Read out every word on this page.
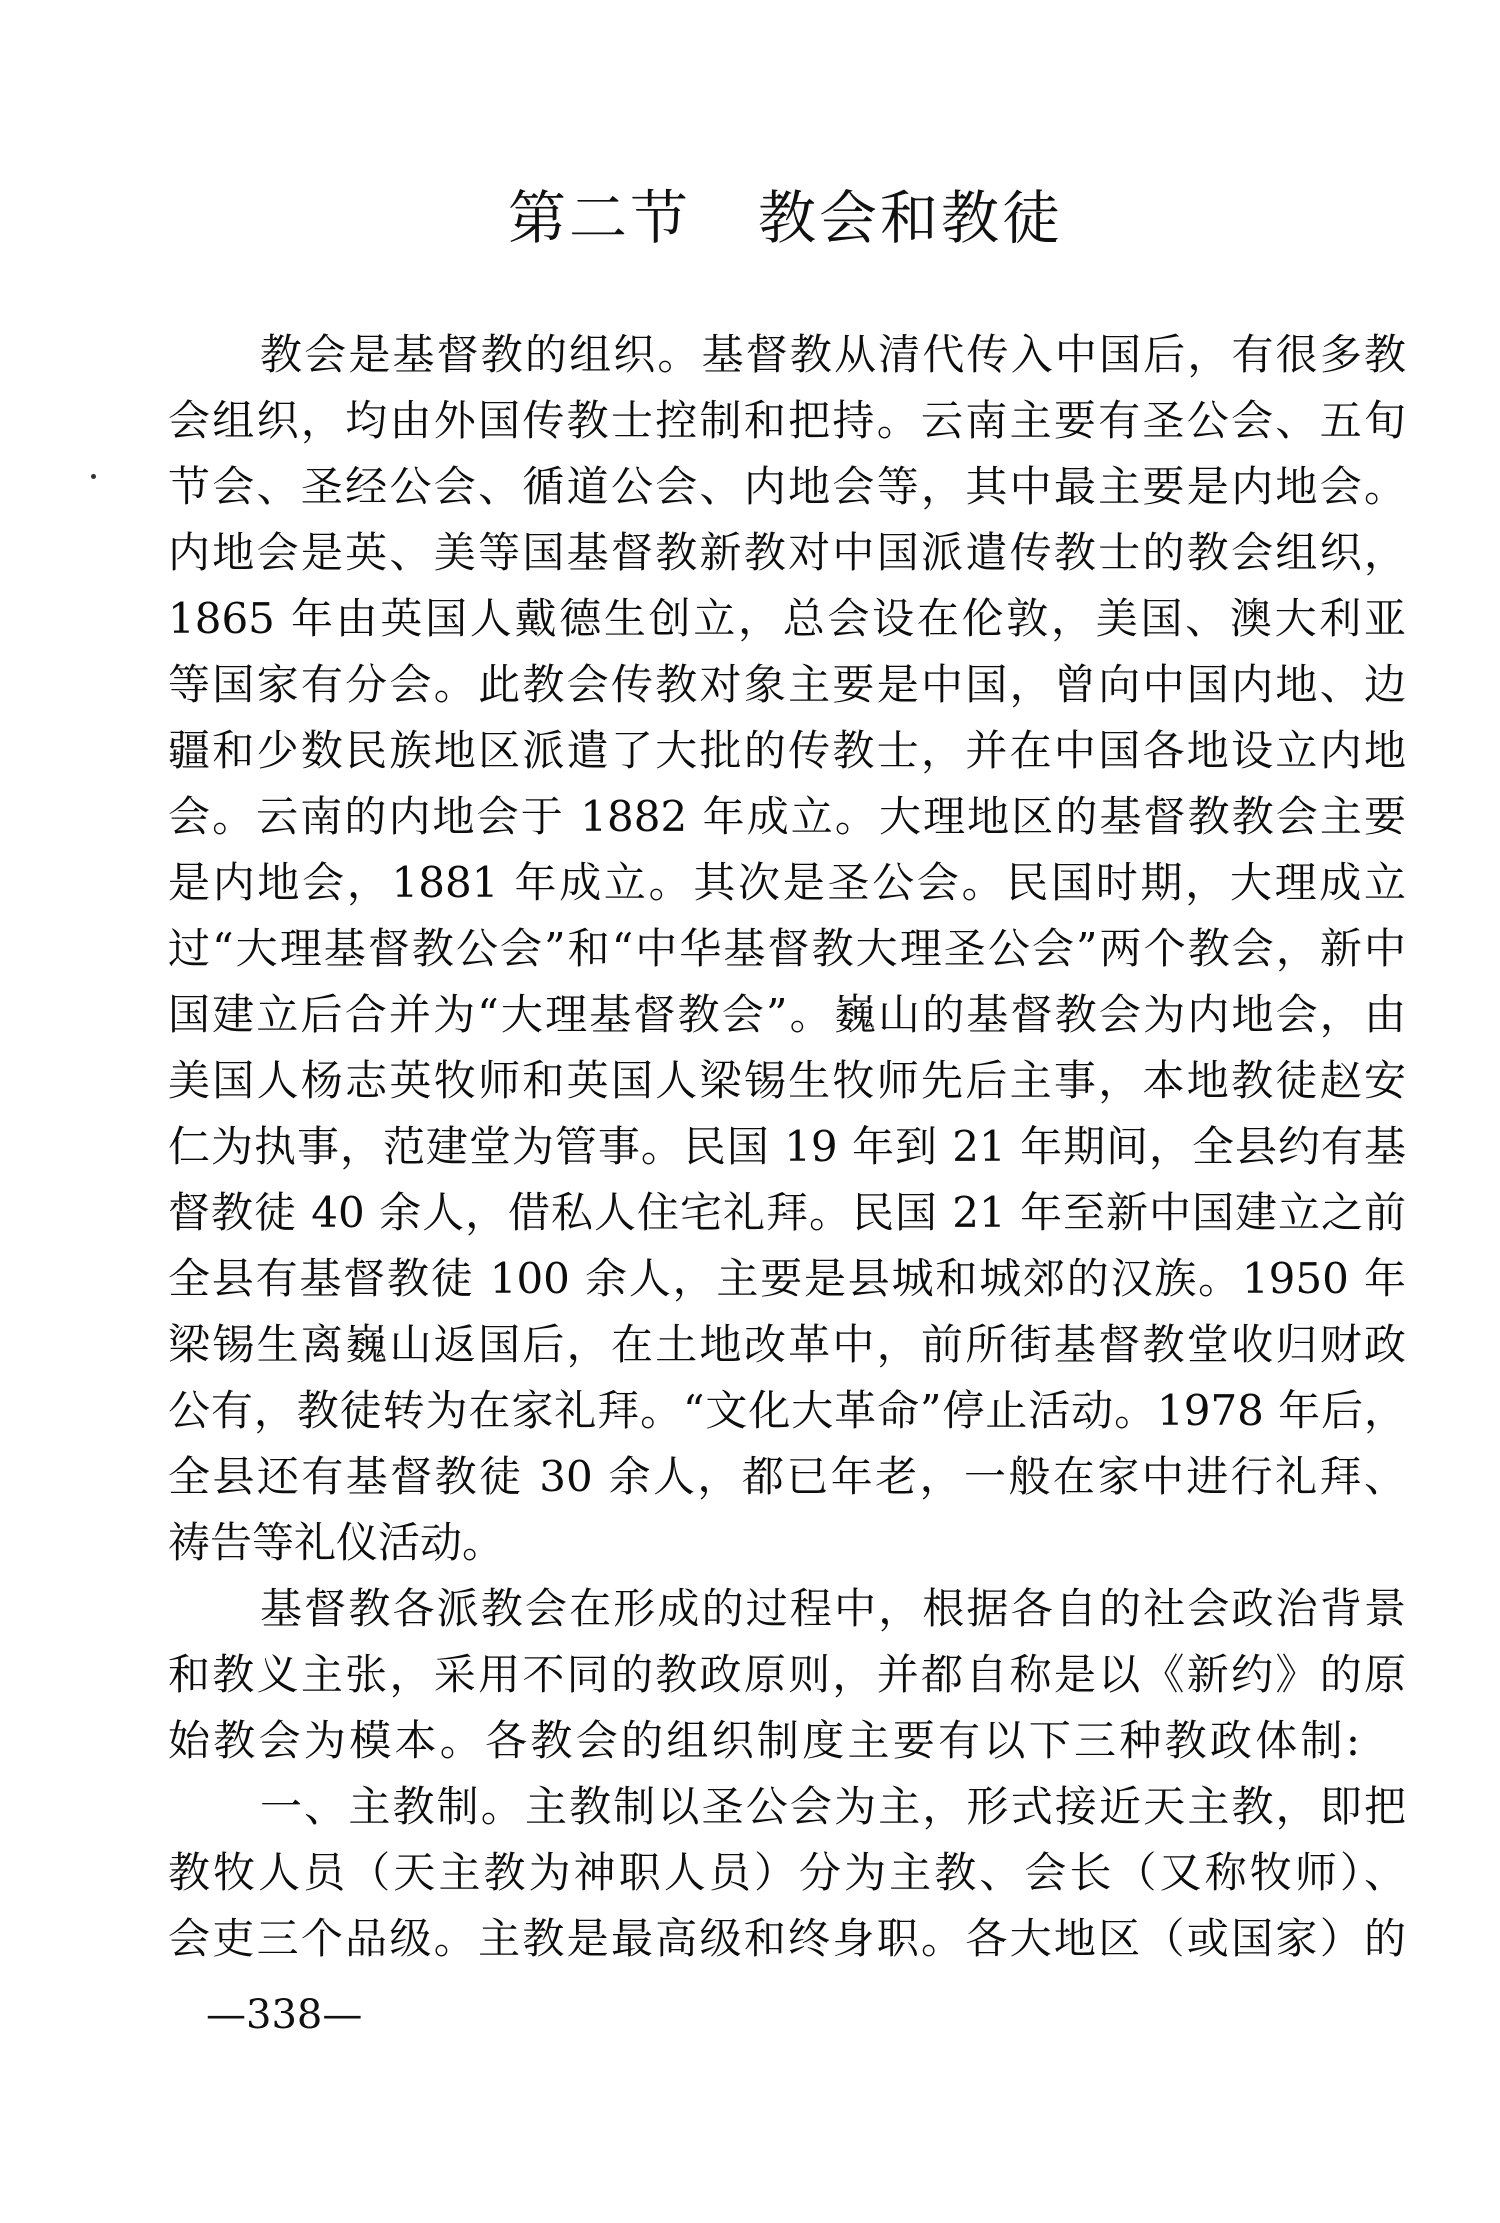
第二节 教会和教徒
教会是基督教的组织。基督教从清代传入中国后，有很多教
会组织，均由外国传教士控制和把持。云南主要有圣公会、五旬
节会、圣经公会、循道公会、内地会等，其中最主要是内地会。
内地会是英、美等国基督教新教对中国派遣传教士的教会组织，
1865 年由英国人戴德生创立，总会设在伦敦，美国、澳大利亚
等国家有分会。此教会传教对象主要是中国，曾向中国内地、边
疆和少数民族地区派遣了大批的传教士，并在中国各地设立内地
会。云南的内地会于 1882 年成立。大理地区的基督教教会主要
是内地会，1881 年成立。其次是圣公会。民国时期，大理成立
过“大理基督教公会”和“中华基督教大理圣公会”两个教会，新中
国建立后合并为“大理基督教会”。巍山的基督教会为内地会，由
美国人杨志英牧师和英国人梁锡生牧师先后主事，本地教徒赵安
仁为执事，范建堂为管事。民国 19 年到 21 年期间，全县约有基
督教徒 40 余人，借私人住宅礼拜。民国 21 年至新中国建立之前
全县有基督教徒 100 余人，主要是县城和城郊的汉族。1950 年
梁锡生离巍山返国后，在土地改革中，前所街基督教堂收归财政
公有，教徒转为在家礼拜。“文化大革命”停止活动。1978 年后，
全县还有基督教徒 30 余人，都已年老，一般在家中进行礼拜、
祷告等礼仪活动。
基督教各派教会在形成的过程中，根据各自的社会政治背景
和教义主张，采用不同的教政原则，并都自称是以《新约》的原
始教会为模本。各教会的组织制度主要有以下三种教政体制:
一、主教制。主教制以圣公会为主，形式接近天主教，即把
教牧人员（天主教为神职人员）分为主教、会长（又称牧师）、
会吏三个品级。主教是最高级和终身职。各大地区（或国家）的
—338—
